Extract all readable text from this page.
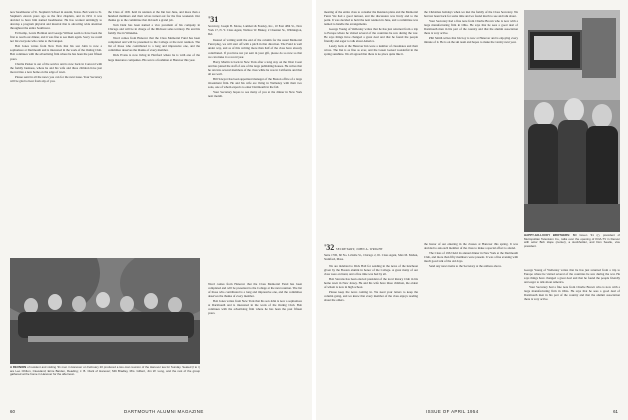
now headmaster of St. Stephen's School in Austin, Texas. Bob went to St. Stephen's eleven years ago as the first chaplain, and in 1951 it was decided to have him named headmaster. He has worked untiringly to develop a program physical and musical that is attracting wide attention throughout the entire Southwest.

Ed Kemp, Lewis Holman and George Willson seem to have been the first to reach our dinner, and it was fine to see them again. Sorry we could not list everyone who came to the banquet.

Bob Jones writes from New York that his son John is now a sophomore at Dartmouth and is interested in the work of the Outing Club. Bob continues with the advertising firm where he has been the past fifteen years.

Charlie Parker is out of the service and is now back in Concord with the family business, where he and his wife and three children have just moved into a new home on the edge of town.

Please send in all the news you can for the next issue. Your Secretary will be glad to hear from any of you.

the Class of 1931 held its reunion at the Inn last June, and more than a hundred members and their wives turned out for the fine weekend. Our thanks go to the committee that did such a grand job.

Tom Dent has been named a vice president of his company in Chicago and will be in charge of the Midwest sales territory. He and his family live in Winnetka.

Word comes from Hanover that the Class Memorial Fund has been completed and will be presented to the College at the next reunion. The list of those who contributed is a long and impressive one, and the committee deserves the thanks of every member.

Dick Evans is now living in Hartford where he is with one of the large insurance companies. His son is a freshman at Hanover this year.

'31

Secretary, Joseph B. Morse, Lambert & Feasley, Inc., 10 East 48th St., New York 17, N. Y. Class Agent, Wallace W. Blakey, 2 Chestnut St., Wilmington, Del.

Instead of writing until the end of the column for the usual Memorial Fund plug, we will start off with a pitch in that direction. The Fund is well under way, and as of this writing more than half of the class have already contributed. If you have not yet sent in your gift, please do so now so that we can make it a record year.

Harry Martin is back in New York after a long stay on the West Coast and has joined the staff of one of the large publishing houses. He writes that he ran into several members of the class while he was in California and that all are well.

Bill Sawyer has been appointed manager of the Boston office of a large investment firm. He and his wife are living in Wellesley with their two sons, one of whom expects to enter Dartmouth in the fall.

Your Secretary hopes to see many of you at the dinner in New York next month.

A REUNION of resident and visiting '31 men in Hanover on February 20 produced a two-man reunion of the Hanover tea for Sunday. Seated (l to r) are Leo Chilton, Cleveland; Ernie Barden, Reading; J. B. Clark of Hanover; Milt Bradley, Mrs. Gilbert, Jim W. Long, and the rest of the group gathered at the home in Hanover for the afternoon.

Word comes from Hanover that the Class Memorial Fund has been completed and will be presented to the College at the next reunion. The list of those who contributed is a long and impressive one, and the committee deserves the thanks of every member.

Bob Jones writes from New York that his son John is now a sophomore at Dartmouth and is interested in the work of the Outing Club. Bob continues with the advertising firm where he has been the past fifteen years.

60	DARTMOUTH ALUMNI MAGAZINE

meeting of the entire class to consider the Reunion plans and the Memorial Fund. We had a good turnout, and the discussion was lively and to the point. It was decided to hold the next reunion in June, and a committee was named to handle the arrangements.

George Young of Wellesley writes that he has just returned from a trip to Europe where he visited several of the countries he saw during the war. He says things have changed a great deal and that he found the people friendly and eager to talk about America.

Lately back at the Hanover Inn were a number of classmates and their wives. The Inn is as fine as ever, and the Green looked wonderful in the spring sunshine. We all agreed that there is no place quite like it.

the Christmas holidays when we met the family of the Class Secretary. We had not been back for some time and we found much to see and talk about.

Your Secretary had a fine note from Charlie Brown who is now with a large manufacturing firm in Ohio. He says that he sees a good deal of Dartmouth men in his part of the country and that the alumni association there is very active.

Phil Smith writes that his boy is now at Hanover and is enjoying every minute of it. He is on the ski team and hopes to make the varsity next year.

HAPPY-GO-LUCKY BROTHERS: Bill Green '31 (r), president of Metropolitan Television Co., talks over the opening of KOA-TV in Denver with actor Bob Hope (center), a stockholder, and Don Searle, vice president.

'32 SECRETARY, JOHN A. WRIGHT

Suite 1700, 60 No. LaSalle St., Chicago 2, Ill. Class Agent, Max M. Mahan, Stamford, Mass.

We are indebted to Dick Hall for sending in the news of the luncheon given by the Boston alumni in honor of the College. A great many of our class were on hand, and a fine time was had by all.

Bob Stevens has been elected president of the local Rotary Club in his home town in New Jersey. He and his wife have three children, the oldest of whom is now in high school.

Please keep the news coming in. We need your letters to keep the column going, and we know that every member of the class enjoys reading about the others.

the honor of our entering in the classes at Hanover this spring. It was decided to ask each member of the class to make a special effort to attend.

The Class of 1932 held its annual dinner in New York at the Dartmouth Club, and more than fifty members were present. It was a fine evening with much good talk of the old days.

Send any news items to the Secretary at the address above.

George Young of Wellesley writes that he has just returned from a trip to Europe where he visited several of the countries he saw during the war. He says things have changed a great deal and that he found the people friendly and eager to talk about America.

Your Secretary had a fine note from Charlie Brown who is now with a large manufacturing firm in Ohio. He says that he sees a good deal of Dartmouth men in his part of the country and that the alumni association there is very active.

ISSUE OF APRIL 1954	61
